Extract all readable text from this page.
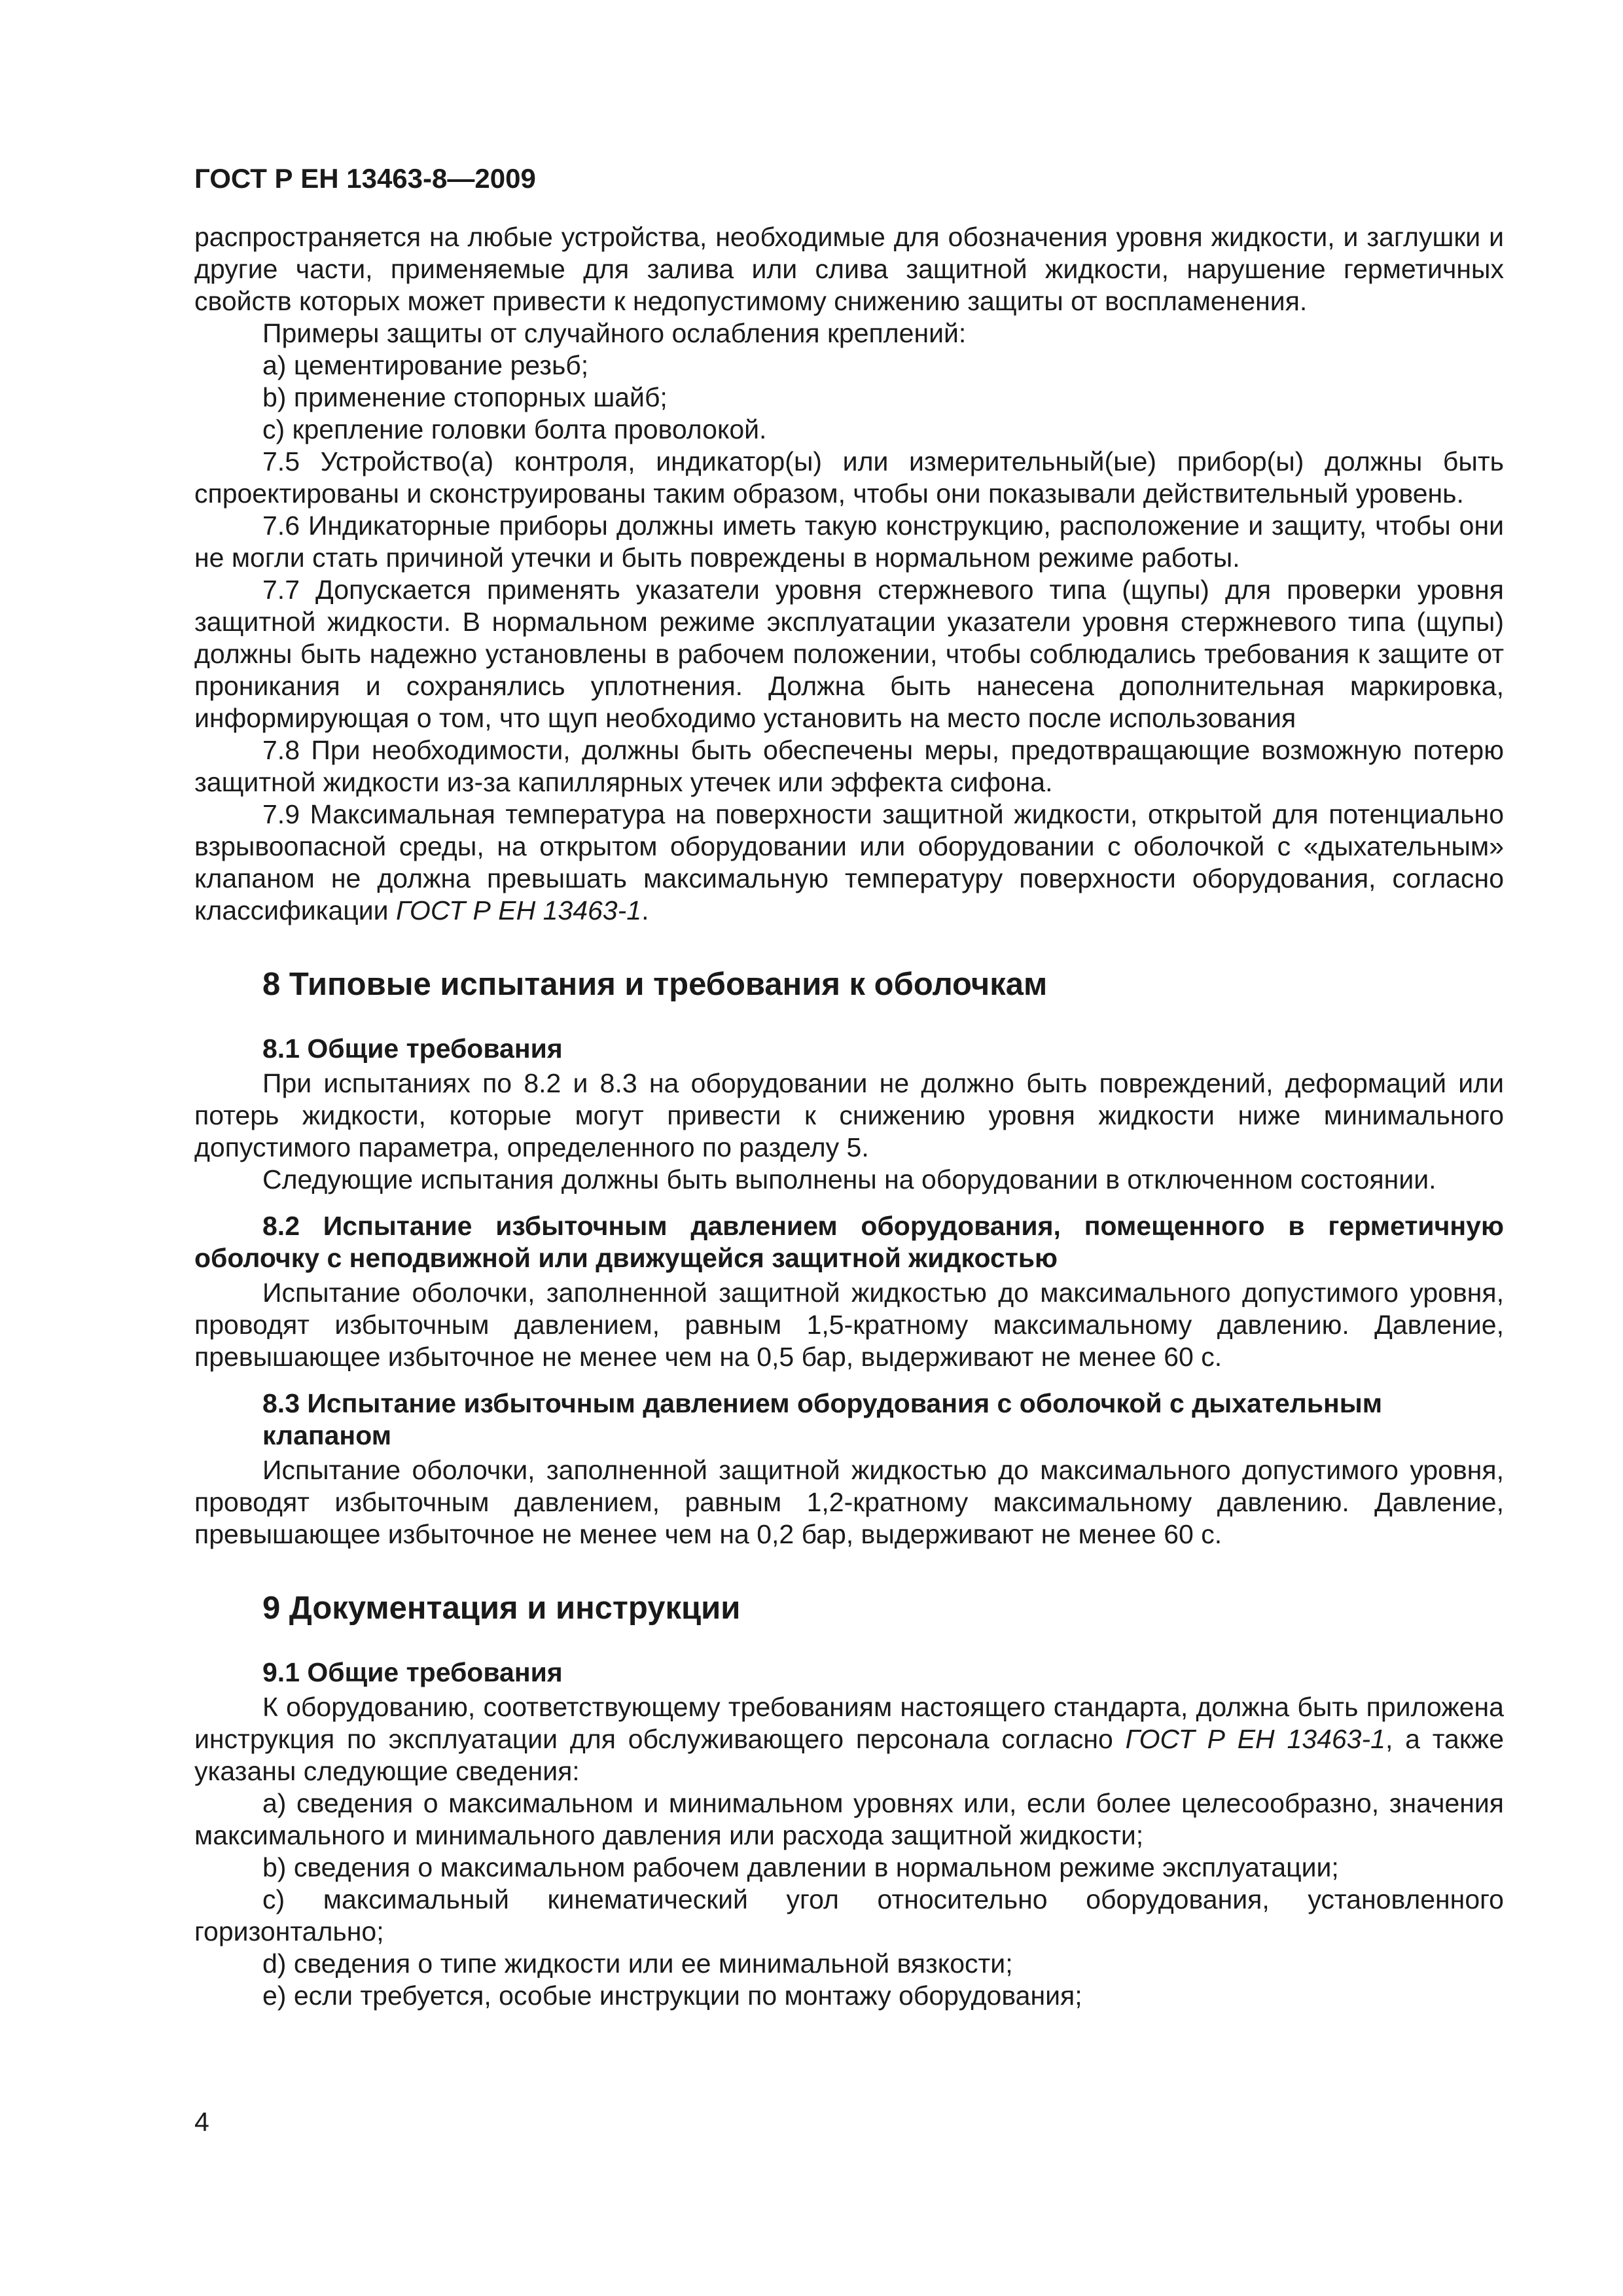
ГОСТ Р ЕН 13463-8—2009

распространяется на любые устройства, необходимые для обозначения уровня жидкости, и заглушки и другие части, применяемые для залива или слива защитной жидкости, нарушение герметичных свойств которых может привести к недопустимому снижению защиты от воспламенения.

Примеры защиты от случайного ослабления креплений:

a) цементирование резьб;

b) применение стопорных шайб;

c) крепление головки болта проволокой.

7.5 Устройство(а) контроля, индикатор(ы) или измерительный(ые) прибор(ы) должны быть спроектированы и сконструированы таким образом, чтобы они показывали действительный уровень.

7.6 Индикаторные приборы должны иметь такую конструкцию, расположение и защиту, чтобы они не могли стать причиной утечки и быть повреждены в нормальном режиме работы.

7.7 Допускается применять указатели уровня стержневого типа (щупы) для проверки уровня защитной жидкости. В нормальном режиме эксплуатации указатели уровня стержневого типа (щупы) должны быть надежно установлены в рабочем положении, чтобы соблюдались требования к защите от проникания и сохранялись уплотнения. Должна быть нанесена дополнительная маркировка, информирующая о том, что щуп необходимо установить на место после использования

7.8 При необходимости, должны быть обеспечены меры, предотвращающие возможную потерю защитной жидкости из-за капиллярных утечек или эффекта сифона.

7.9 Максимальная температура на поверхности защитной жидкости, открытой для потенциально взрывоопасной среды, на открытом оборудовании или оборудовании с оболочкой с «дыхательным» клапаном не должна превышать максимальную температуру поверхности оборудования, согласно классификации ГОСТ Р ЕН 13463-1.

8 Типовые испытания и требования к оболочкам
8.1 Общие требования

При испытаниях по 8.2 и 8.3 на оборудовании не должно быть повреждений, деформаций или потерь жидкости, которые могут привести к снижению уровня жидкости ниже минимального допустимого параметра, определенного по разделу 5.

Следующие испытания должны быть выполнены на оборудовании в отключенном состоянии.

8.2 Испытание избыточным давлением оборудования, помещенного в герметичную оболочку с неподвижной или движущейся защитной жидкостью

Испытание оболочки, заполненной защитной жидкостью до максимального допустимого уровня, проводят избыточным давлением, равным 1,5-кратному максимальному давлению. Давление, превышающее избыточное не менее чем на 0,5 бар, выдерживают не менее 60 с.

8.3 Испытание избыточным давлением оборудования с оболочкой с дыхательным
клапаном

Испытание оболочки, заполненной защитной жидкостью до максимального допустимого уровня, проводят избыточным давлением, равным 1,2-кратному максимальному давлению. Давление, превышающее избыточное не менее чем на 0,2 бар, выдерживают не менее 60 с.

9 Документация и инструкции
9.1 Общие требования

К оборудованию, соответствующему требованиям настоящего стандарта, должна быть приложена инструкция по эксплуатации для обслуживающего персонала согласно ГОСТ Р ЕН 13463-1, а также указаны следующие сведения:

a) сведения о максимальном и минимальном уровнях или, если более целесообразно, значения максимального и минимального давления или расхода защитной жидкости;

b) сведения о максимальном рабочем давлении в нормальном режиме эксплуатации;

c) максимальный кинематический угол относительно оборудования, установленного горизонтально;

d) сведения о типе жидкости или ее минимальной вязкости;

e) если требуется, особые инструкции по монтажу оборудования;

4
